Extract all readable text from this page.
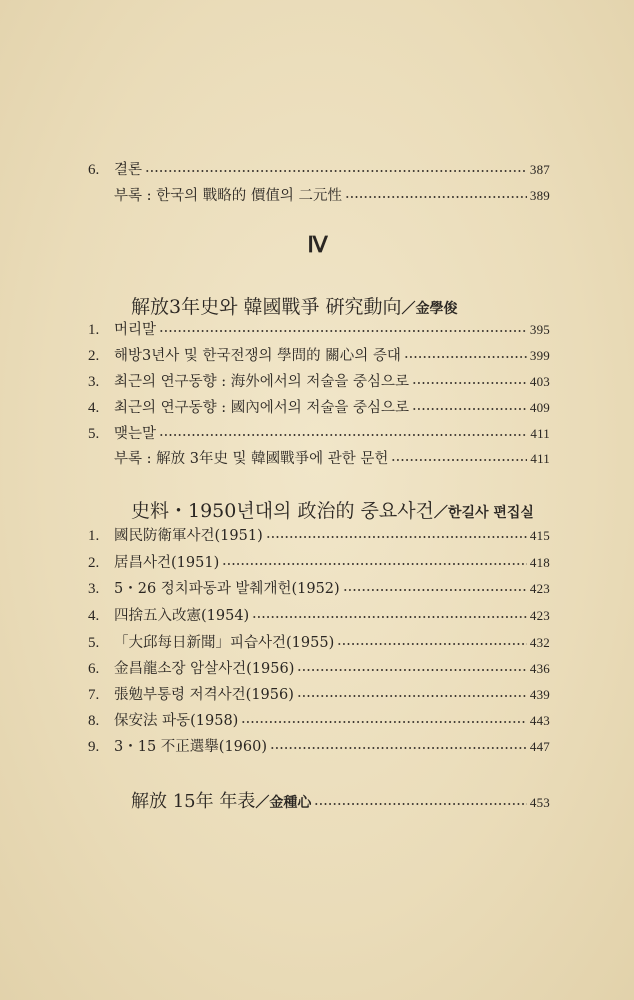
6.	결론	387
부록 : 한국의 戰略的 價值의 二元性	389
Ⅳ
解放3年史와 韓國戰爭 硏究動向 ／金學俊
1.	머리말	395
2.	해방3년사 및 한국전쟁의 學問的 關心의 증대	399
3.	최근의 연구동향 : 海外에서의 저술을 중심으로	403
4.	최근의 연구동향 : 國內에서의 저술을 중심으로	409
5.	맺는말	411
부록 : 解放 3年史 및 韓國戰爭에 관한 문헌	411
史料・1950년대의 政治的 중요사건 ／한길사 편집실
1.	國民防衛軍사건(1951)	415
2.	居昌사건(1951)	418
3.	5・26 정치파동과 발췌개헌(1952)	423
4.	四捨五入改憲(1954)	423
5.	「大邱每日新聞」피습사건(1955)	432
6.	金昌龍소장 암살사건(1956)	436
7.	張勉부통령 저격사건(1956)	439
8.	保安法 파동(1958)	443
9.	3・15 不正選擧(1960)	447
解放 15年 年表 ／金種心	453
